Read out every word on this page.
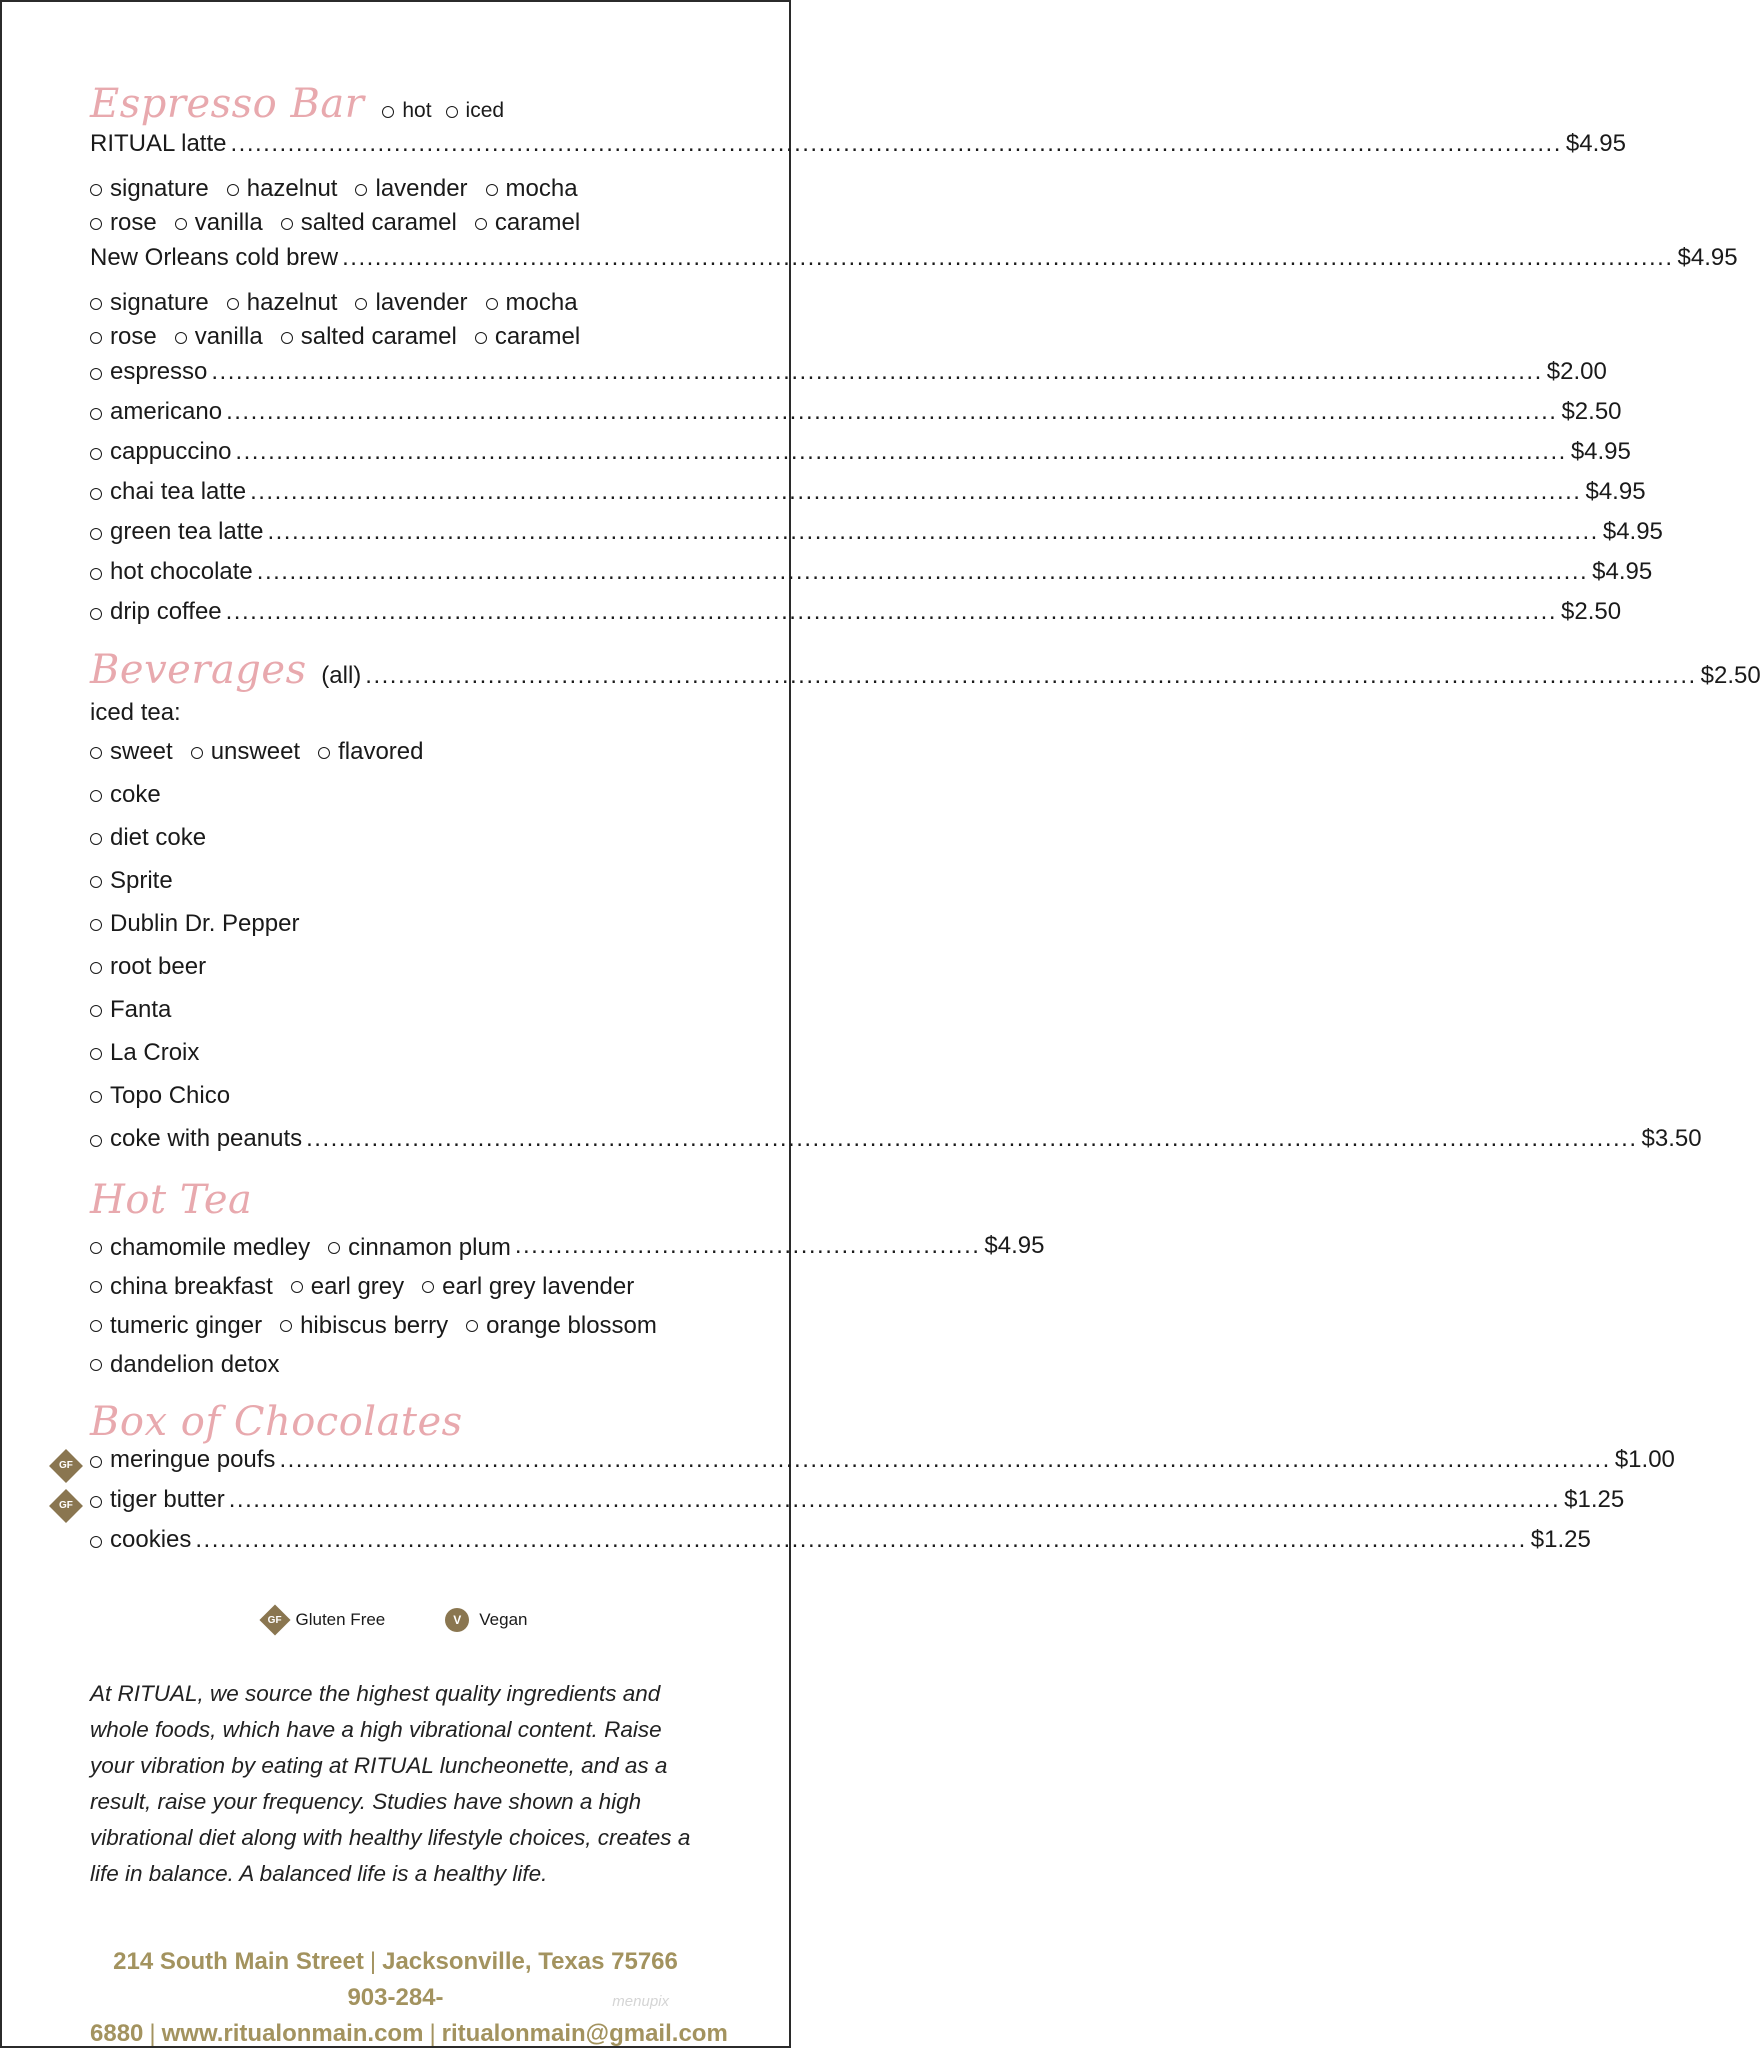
Espresso Bar hot iced
RITUAL latte .....	$4.95
signature hazelnut lavender mocha
rose vanilla salted caramel caramel
New Orleans cold brew .....	$4.95
signature hazelnut lavender mocha
rose vanilla salted caramel caramel
espresso .....	$2.00
americano .....	$2.50
cappuccino .....	$4.95
chai tea latte .....	$4.95
green tea latte .....	$4.95
hot chocolate .....	$4.95
drip coffee .....	$2.50
Beverages (all) .....	$2.50
iced tea:
sweet unsweet flavored
coke
diet coke
Sprite
Dublin Dr. Pepper
root beer
Fanta
La Croix
Topo Chico
coke with peanuts .....	$3.50
Hot Tea
chamomile medley cinnamon plum ......................................................... $4.95
china breakfast earl grey earl grey lavender
tumeric ginger hibiscus berry orange blossom
dandelion detox
Box of Chocolates
GF	meringue poufs .....	$1.00
GF	tiger butter .....	$1.25
cookies .....	$1.25
GF Gluten Free	V	Vegan
At RITUAL, we source the highest quality ingredients and whole foods, which have a high vibrational content. Raise your vibration by eating at RITUAL luncheonette, and as a result, raise your frequency. Studies have shown a high vibrational diet along with healthy lifestyle choices, creates a life in balance. A balanced life is a healthy life.
214 South Main Street | Jacksonville, Texas 75766
903-284-6880 | www.ritualonmain.com | ritualonmain@gmail.com
menupix
